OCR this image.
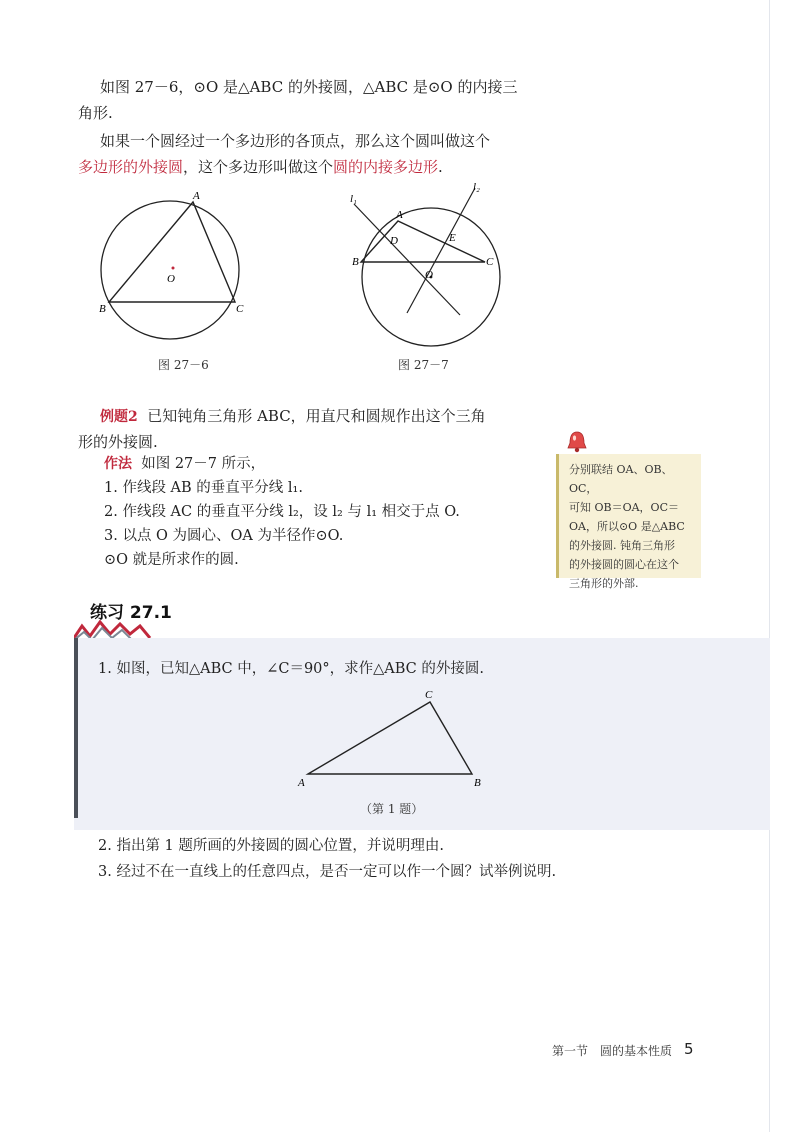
如图 27－6，⊙O 是△ABC 的外接圆，△ABC 是⊙O 的内接三
角形.
如果一个圆经过一个多边形的各顶点，那么这个圆叫做这个
多边形的外接圆，这个多边形叫做这个圆的内接多边形.
A
B	C
O
图 27－6
l₁
l₂
A
B	C
D	E
O
图 27－7
例题2 已知钝角三角形 ABC，用直尺和圆规作出这个三角
形的外接圆.
作法 如图 27－7 所示，
1. 作线段 AB 的垂直平分线 l₁.
2. 作线段 AC 的垂直平分线 l₂，设 l₂ 与 l₁ 相交于点 O.
3. 以点 O 为圆心、OA 为半径作⊙O.
⊙O 就是所求作的圆.
分别联结 OA、OB、OC，
可知 OB＝OA，OC＝
OA，所以⊙O 是△ABC
的外接圆. 钝角三角形
的外接圆的圆心在这个
三角形的外部.
练习 27.1
1. 如图，已知△ABC 中，∠C＝90°，求作△ABC 的外接圆.
A	B
C
（第 1 题）
2. 指出第 1 题所画的外接圆的圆心位置，并说明理由.
3. 经过不在一直线上的任意四点，是否一定可以作一个圆？试举例说明.
第一节　圆的基本性质 5
